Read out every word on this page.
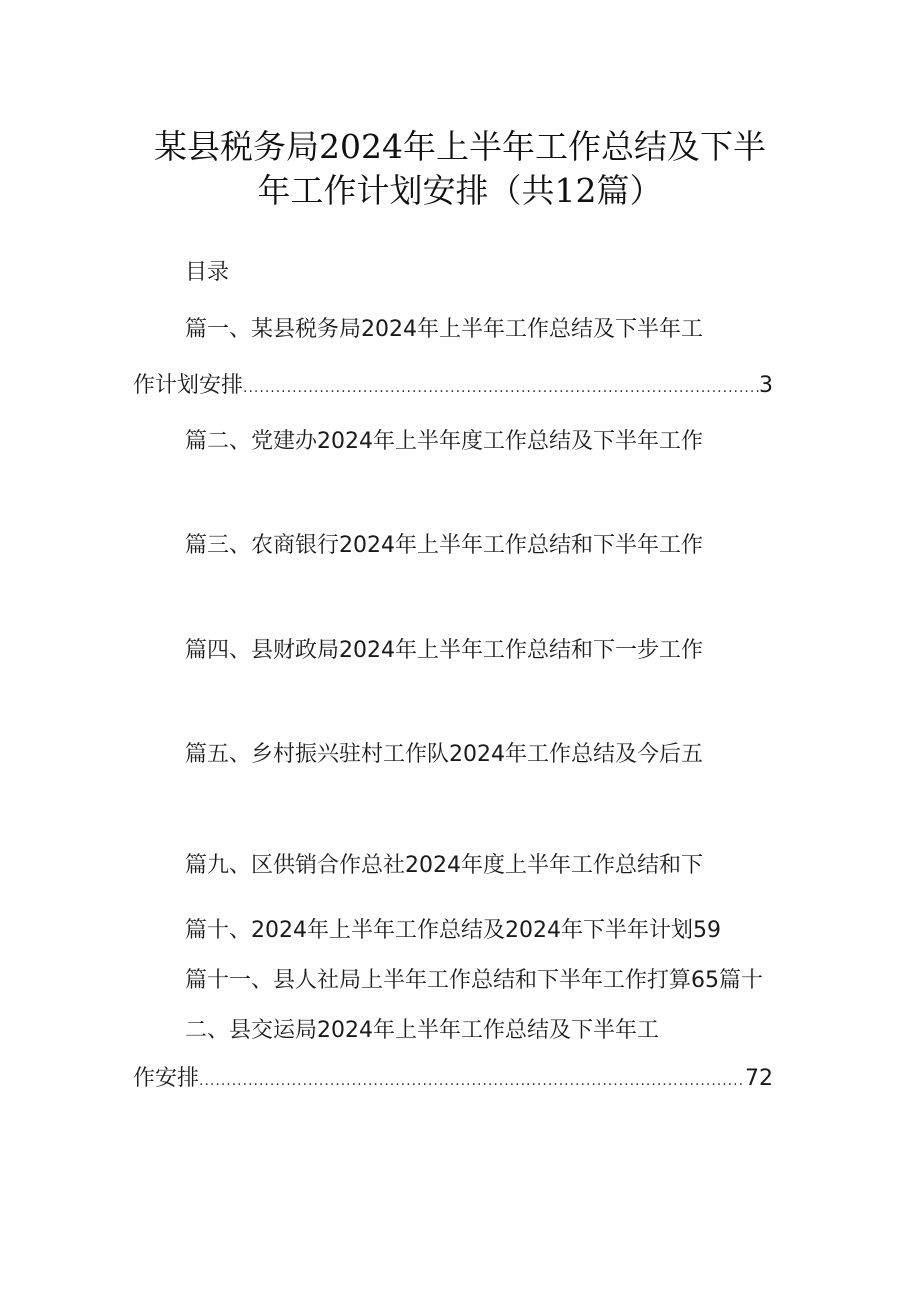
某县税务局2024年上半年工作总结及下半
年工作计划安排（共12篇）
目录
篇一、某县税务局2024年上半年工作总结及下半年工
作计划安排 .....	3
篇二、党建办2024年上半年度工作总结及下半年工作
篇三、农商银行2024年上半年工作总结和下半年工作
篇四、县财政局2024年上半年工作总结和下一步工作
篇五、乡村振兴驻村工作队2024年工作总结及今后五
篇九、区供销合作总社2024年度上半年工作总结和下
篇十、2024年上半年工作总结及2024年下半年计划59
篇十一、县人社局上半年工作总结和下半年工作打算65篇十
二、县交运局2024年上半年工作总结及下半年工
作安排 .....	72
